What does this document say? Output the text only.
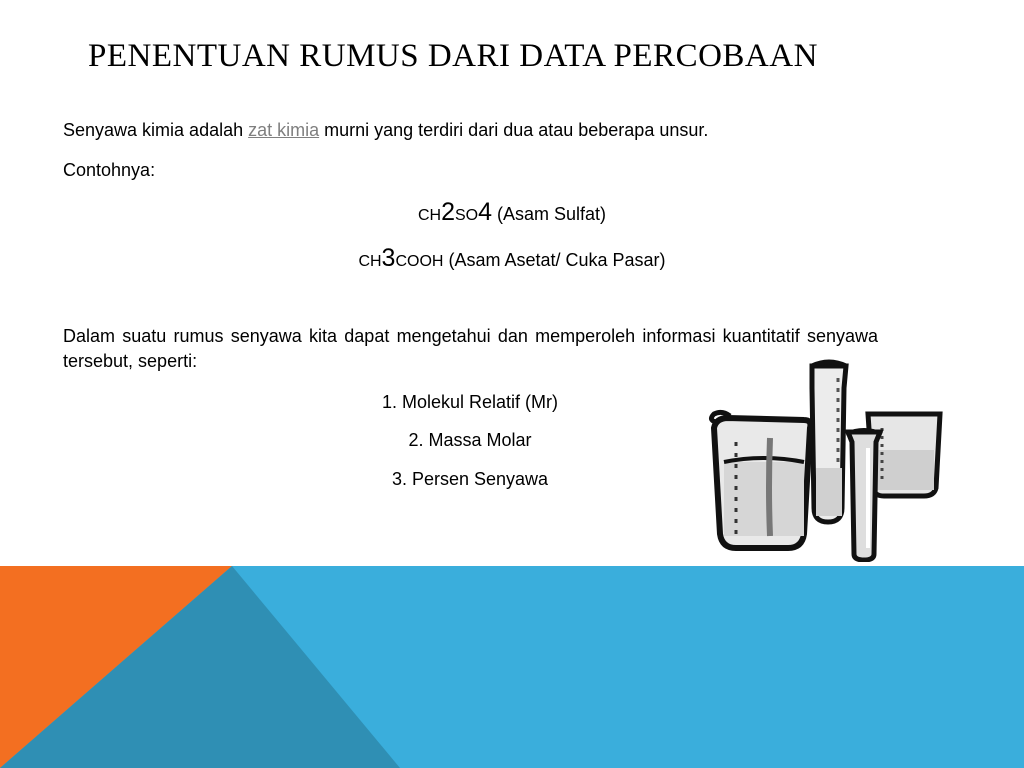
PENENTUAN RUMUS DARI DATA PERCOBAAN
Senyawa kimia adalah zat kimia murni yang terdiri dari dua atau beberapa unsur.
Contohnya:
CH2SO4 (Asam Sulfat)
CH3COOH (Asam Asetat/ Cuka Pasar)
Dalam suatu rumus senyawa kita dapat mengetahui dan memperoleh informasi kuantitatif senyawa tersebut, seperti:
1. Molekul Relatif (Mr)
2. Massa Molar
3. Persen Senyawa
